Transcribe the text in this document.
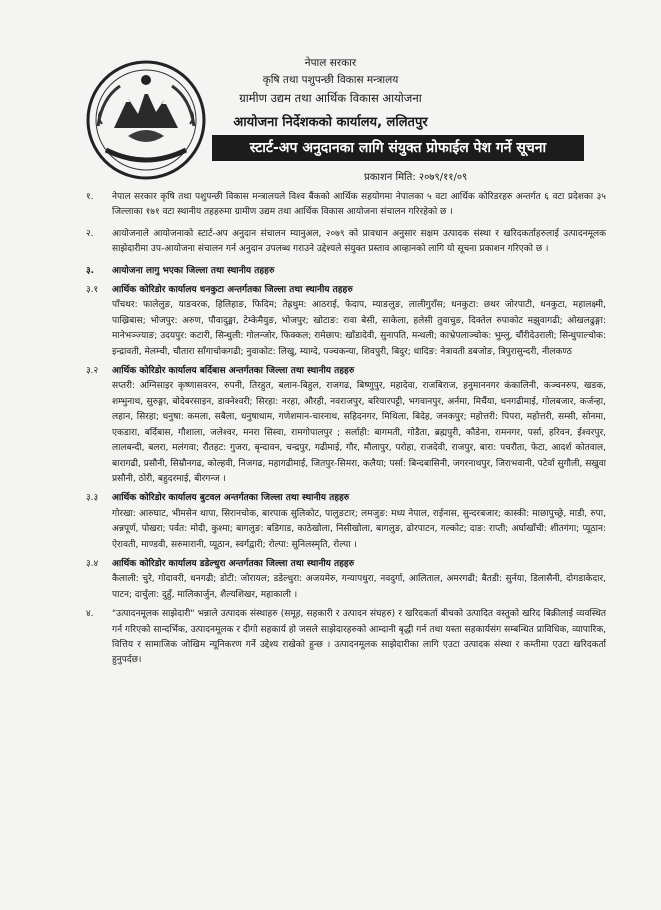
नेपाल सरकार
कृषि तथा पशुपन्छी विकास मन्त्रालय
ग्रामीण उद्यम तथा आर्थिक विकास आयोजना
आयोजना निर्देशकको कार्यालय, ललितपुर
स्टार्ट-अप अनुदानका लागि संयुक्त प्रोफाईल पेश गर्ने सूचना
प्रकाशन मिति: २०७९/११/०९
१. नेपाल सरकार कृषि तथा पशुपन्छी विकास मन्त्रालयले विश्व बैंकको आर्थिक सहयोगमा नेपालका ५ वटा आर्थिक कोरिडरहरु अन्तर्गत ६ वटा प्रदेशका ३५ जिल्लाका १७१ वटा स्थानीय तहहरुमा ग्रामीण उद्यम तथा आर्थिक विकास आयोजना संचालन गरिरहेको छ ।
२. आयोजनाले आयोजनाको स्टार्ट-अप अनुदान संचालन म्यानुअल, २०७९ को प्रावधान अनुसार सक्षम उत्पादक संस्था र खरिदकर्ताहरुलाई उत्पादनमूलक साझेदारीमा उप-आयोजना संचालन गर्न अनुदान उपलब्ध गराउने उद्देश्यले संयुक्त प्रस्ताव आव्हानको लागि यो सूचना प्रकाशन गरिएको छ ।
३. आयोजना लागु भएका जिल्ला तथा स्थानीय तहहरु
३.१ आर्थिक कोरिडोर कार्यालय धनकुटा अन्तर्गतका जिल्ला तथा स्थानीय तहहरु
पाँचथर: फालेलुङ, याङवरक, हिलिहाङ, फिदिम; तेह्रथुम: आठराई, फेदाप, म्याङलुङ, लालीगुराँस; धनकुटा: छथर जोरपाटी, धनकुटा, महालक्ष्मी, पाख्रिबास; भोजपुर: अरुण, पौवादुङ्मा, टेम्केमैयुङ, भोजपुर; खोटाङ: रावा बेसी, साकेला, हलेसी तुवाचुङ, दिक्तेल रुपाकोट मझुवागढी; ओखलढुङ्गा: मानेभञ्ज्याङ; उदयपुर: कटारी, सिन्धुली: गोलन्जोर, फिक्कल; रामेछाप: खाँडादेवी, सुनापति, मन्थली; काभ्रेपलाञ्चोक: भुम्लु, चौंरीदेउराली; सिन्धुपाल्चोक: इन्द्रावती, मेलम्ची, चौतारा साँगाचोकगढी; नुवाकोट: लिखु, म्याग्दे, पञ्चकन्या, शिवपुरी, बिदुर; धादिङ: नेत्रावती डबजोङ, त्रिपुरासुन्दरी, नीलकण्ठ
३.२ आर्थिक कोरिडोर कार्यालय बर्दिबास अन्तर्गतका जिल्ला तथा स्थानीय तहहरु
सप्तरी: अग्निसाइर कृष्णासवरन, रुपनी, तिरहुत, बलान-बिहुल, राजगढ, बिष्णुपुर, महादेवा, राजबिराज, हनुमाननगर कंकालिनी, कञ्चनरुप, खडक, शम्भुनाथ, सुरुङ्गा, बोदेबरसाइन, डाक्नेश्वरी; सिरहा: नरहा, औरही, नवराजपुर, बरियारपट्टी, भगवानपुर, अर्नमा, मिर्चैया, धनगढीमाई, गोलबजार, कर्जन्हा, लहान, सिरहा; धनुषा: कमला, सबैला, धनुषाधाम, गणेशमान-चारनाथ, सहिदनगर, मिथिला, बिदेह, जनकपुर; महोत्तरी: पिपरा, महोत्तरी, सम्सी, सोनमा, एकडारा, बर्दिबास, गौशाला, जलेश्वर, मनरा सिस्वा, रामगोपालपुर ; सर्लाही: बागमती, गोडैता, ब्रह्मपुरी, कौडेना, रामनगर, पर्सा, हरिवन, ईश्वरपुर, लालबन्दी, बलरा, मलंगवा; रौतहट: गुजरा, बृन्दावन, चन्द्रपुर, गढीमाई, गौर, मौलापुर, परोहा, राजदेवी, राजपुर, बारा: पचरौता, फेटा, आदर्श कोतवाल, बारागढी, प्रसौनी, सिम्रौनगढ, कोल्हवी, निजगढ, महागढीमाई, जितपुर-सिमरा, कलैया; पर्सा: बिन्दबासिनी, जगरनाथपुर, जिराभवानी, पटेर्वा सुगौली, सखुवा प्रसौनी, ठोरी, बहुदरमाई, बीरगन्ज ।
३.३ आर्थिक कोरिडोर कार्यालय बुटवल अन्तर्गतका जिल्ला तथा स्थानीय तहहरु
गोरखा: आरुघाट, भीमसेन थापा, सिरानचोक, बारपाक सुलिकोट, पालुङटार; लमजुङ: मध्य नेपाल, राईनास, सुन्दरबजार; कास्की: माछापुच्छ्रे, माडी, रुपा, अन्नपूर्ण, पोखरा; पर्वत: मोदी, कुश्मा; बागलुङ: बडिगाड, काठेखोला, निसीखोला, बागलुङ, ढोरपाटन, गल्कोट; दाङ: राप्ती; अर्घाखाँची: शीतगंगा; प्यूठान: ऐरावती, माण्डवी, सरुमारानी, प्यूठान, स्वर्गद्वारी; रोल्पा: सुनिलस्मृति, रोल्पा ।
३.४ आर्थिक कोरिडोर कार्यालय डडेल्धुरा अन्तर्गतका जिल्ला तथा स्थानीय तहहरु
कैलाली: चुरे, गोदावरी, धनगढी; डोटी: जोरायल; डडेल्धुरा: अजयमेरु, गन्यापधुरा, नवदुर्गा, आलिताल, अमरगढी; बैतडी: सुर्नया, डिलासैनी, दोगडाकेदार, पाटन; दार्चुला: दुहुँ, मालिकार्जुन, शैल्यशिखर, महाकाली ।
४. "उत्पादनमूलक साझेदारी" भन्नाले उत्पादक संस्थाहरु (समूह, सहकारी र उत्पादन संघहरु) र खरिदकर्ता बीचको उत्पादित वस्तुको खरिद बिक्रीलाई व्यवस्थित गर्न गरिएको सान्दर्भिक, उत्पादनमूलक र दीगो सहकार्य हो जसले साझेदारहरुको आम्दानी बृद्धी गर्न तथा यस्ता सहकार्यसंग सम्बन्धित प्राविधिक, व्यापारिक, वित्तिय र सामाजिक जोखिम न्यूनिकरण गर्ने उद्देश्य राखेको हुन्छ । उत्पादनमूलक साझेदारीका लागि एउटा उत्पादक संस्था र कम्तीमा एउटा खरिदकर्ता हुनुपर्दछ।
